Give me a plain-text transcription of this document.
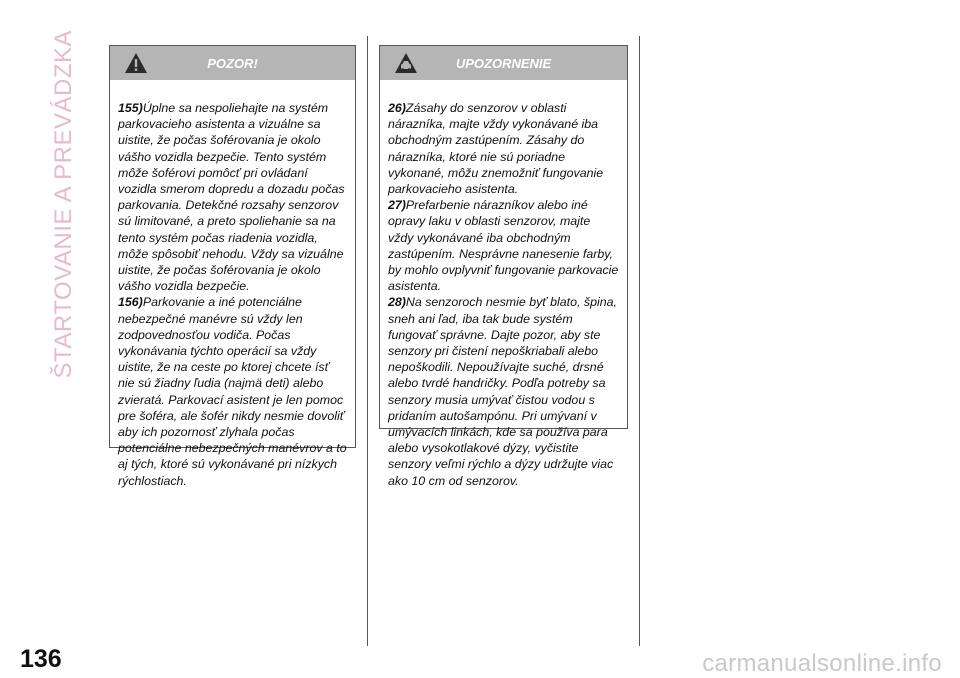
ŠTARTOVANIE A PREVÁDZKA	POZOR!

155)Úplne sa nespoliehajte na systém parkovacieho asistenta a vizuálne sa uistite, že počas šoférovania je okolo vášho vozidla bezpečie. Tento systém môže šoférovi pomôcť pri ovládaní vozidla smerom dopredu a dozadu počas parkovania. Detekčné rozsahy senzorov sú limitované, a preto spoliehanie sa na tento systém počas riadenia vozidla, môže spôsobiť nehodu. Vždy sa vizuálne uistite, že počas šoférovania je okolo vášho vozidla bezpečie.

156)Parkovanie a iné potenciálne nebezpečné manévre sú vždy len zodpovednosťou vodiča. Počas vykonávania týchto operácií sa vždy uistite, že na ceste po ktorej chcete ísť nie sú žiadny ľudia (najmä deti) alebo zvieratá. Parkovací asistent je len pomoc pre šoféra, ale šofér nikdy nesmie dovoliť aby ich pozornosť zlyhala počas potenciálne nebezpečných manévrov a to aj tých, ktoré sú vykonávané pri nízkych rýchlostiach.

UPOZORNENIE

26)Zásahy do senzorov v oblasti nárazníka, majte vždy vykonávané iba obchodným zastúpením. Zásahy do nárazníka, ktoré nie sú poriadne vykonané, môžu znemožniť fungovanie parkovacieho asistenta.

27)Prefarbenie nárazníkov alebo iné opravy laku v oblasti senzorov, majte vždy vykonávané iba obchodným zastúpením. Nesprávne nanesenie farby, by mohlo ovplyvniť fungovanie parkovacie asistenta.

28)Na senzoroch nesmie byť blato, špina, sneh ani ľad, iba tak bude systém fungovať správne. Dajte pozor, aby ste senzory pri čistení nepoškriabali alebo nepoškodili. Nepoužívajte suché, drsné alebo tvrdé handričky. Podľa potreby sa senzory musia umývať čistou vodou s pridaním autošampónu. Pri umývaní v umývacích linkách, kde sa používa para alebo vysokotlakové dýzy, vyčistite senzory veľmi rýchlo a dýzy udržujte viac ako 10 cm od senzorov.

136	carmanualsonline.info
